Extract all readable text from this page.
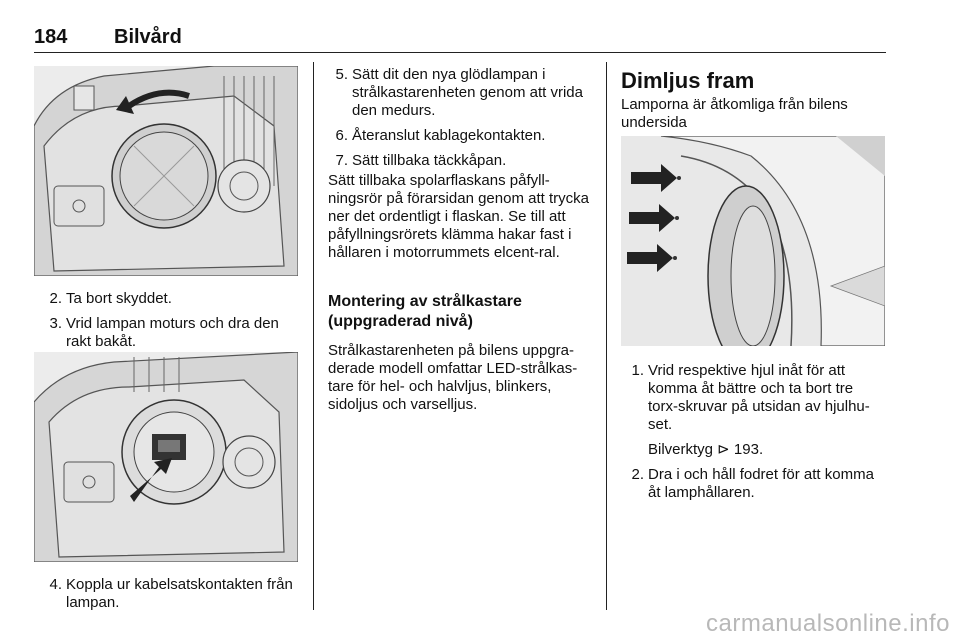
184 Bilvård
2. Ta bort skyddet.
3. Vrid lampan moturs och dra den rakt bakåt.
4. Koppla ur kabelsatskontakten från lampan.
5. Sätt dit den nya glödlampan i strålkastarenheten genom att vrida den medurs.
6. Återanslut kablagekontakten.
7. Sätt tillbaka täckkåpan.
Sätt tillbaka spolarflaskans påfyll-ningsrör på förarsidan genom att trycka ner det ordentligt i flaskan. Se till att påfyllningsrörets klämma hakar fast i hållaren i motorrummets elcent-ral.
Montering av strålkastare (uppgraderad nivå)
Strålkastarenheten på bilens uppgra-derade modell omfattar LED-strålkas-tare för hel- och halvljus, blinkers, sidoljus och varselljus.
Dimljus fram
Lamporna är åtkomliga från bilens undersida
1. Vrid respektive hjul inåt för att komma åt bättre och ta bort tre torx-skruvar på utsidan av hjulhu-set.
Bilverktyg ⊳ 193.
2. Dra i och håll fodret för att komma åt lamphållaren.
carmanualsonline.info
